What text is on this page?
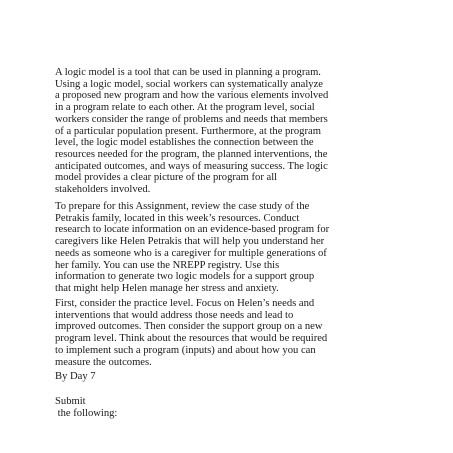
A logic model is a tool that can be used in planning a program.
Using a logic model, social workers can systematically analyze
a proposed new program and how the various elements involved
in a program relate to each other. At the program level, social
workers consider the range of problems and needs that members
of a particular population present. Furthermore, at the program
level, the logic model establishes the connection between the
resources needed for the program, the planned interventions, the
anticipated outcomes, and ways of measuring success. The logic
model provides a clear picture of the program for all
stakeholders involved.

To prepare for this Assignment, review the case study of the
Petrakis family, located in this week’s resources. Conduct
research to locate information on an evidence-based program for
caregivers like Helen Petrakis that will help you understand her
needs as someone who is a caregiver for multiple generations of
her family. You can use the NREPP registry. Use this
information to generate two logic models for a support group
that might help Helen manage her stress and anxiety.

First, consider the practice level. Focus on Helen’s needs and
interventions that would address those needs and lead to
improved outcomes. Then consider the support group on a new
program level. Think about the resources that would be required
to implement such a program (inputs) and about how you can
measure the outcomes.

By Day 7

Submit
the following:
